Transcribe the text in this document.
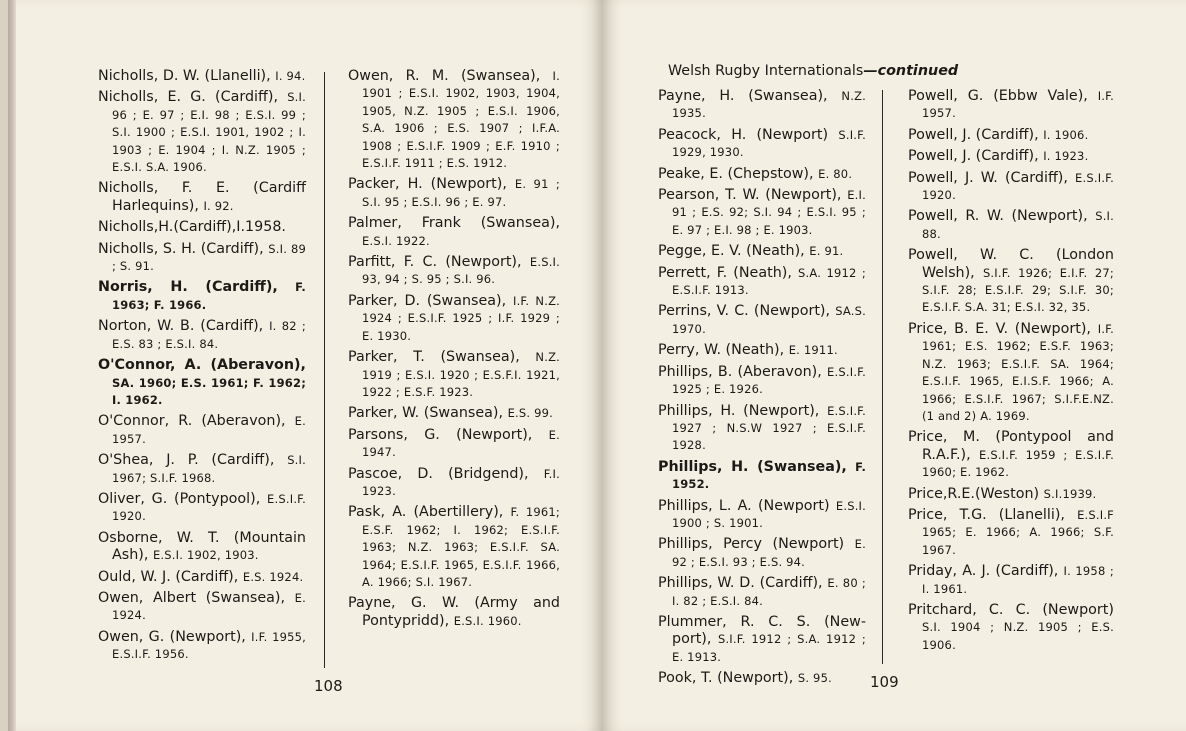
Nicholls, D. W. (Llanelli), I. 94.
Nicholls, E. G. (Cardiff), S.I. 96 ; E. 97 ; E.I. 98 ; E.S.I. 99 ; S.I. 1900 ; E.S.I. 1901, 1902 ; I. 1903 ; E. 1904 ; I. N.Z. 1905 ; E.S.I. S.A. 1906.
Nicholls, F. E. (Cardiff Harlequins), I. 92.
Nicholls,H.(Cardiff),I.1958.
Nicholls, S. H. (Cardiff), S.I. 89 ; S. 91.
Norris, H. (Cardiff), F. 1963; F. 1966.
Norton, W. B. (Cardiff), I. 82 ; E.S. 83 ; E.S.I. 84.
O'Connor, A. (Aberavon), SA. 1960; E.S. 1961; F. 1962; I. 1962.
O'Connor, R. (Aberavon), E. 1957.
O'Shea, J. P. (Cardiff), S.I. 1967; S.I.F. 1968.
Oliver, G. (Pontypool), E.S.I.F. 1920.
Osborne, W. T. (Mountain Ash), E.S.I. 1902, 1903.
Ould, W. J. (Cardiff), E.S. 1924.
Owen, Albert (Swansea), E. 1924.
Owen, G. (Newport), I.F. 1955, E.S.I.F. 1956.
Owen, R. M. (Swansea), I. 1901 ; E.S.I. 1902, 1903, 1904, 1905, N.Z. 1905 ; E.S.I. 1906, S.A. 1906 ; E.S. 1907 ; I.F.A. 1908 ; E.S.I.F. 1909 ; E.F. 1910 ; E.S.I.F. 1911 ; E.S. 1912.
Packer, H. (Newport), E. 91 ; S.I. 95 ; E.S.I. 96 ; E. 97.
Palmer, Frank (Swansea), E.S.I. 1922.
Parfitt, F. C. (Newport), E.S.I. 93, 94 ; S. 95 ; S.I. 96.
Parker, D. (Swansea), I.F. N.Z. 1924 ; E.S.I.F. 1925 ; I.F. 1929 ; E. 1930.
Parker, T. (Swansea), N.Z. 1919 ; E.S.I. 1920 ; E.S.F.I. 1921, 1922 ; E.S.F. 1923.
Parker, W. (Swansea), E.S. 99.
Parsons, G. (Newport), E. 1947.
Pascoe, D. (Bridgend), F.I. 1923.
Pask, A. (Abertillery), F. 1961; E.S.F. 1962; I. 1962; E.S.I.F. 1963; N.Z. 1963; E.S.I.F. SA. 1964; E.S.I.F. 1965, E.S.I.F. 1966, A. 1966; S.I. 1967.
Payne, G. W. (Army and Pontypridd), E.S.I. 1960.
108
Welsh Rugby Internationals—continued
Payne, H. (Swansea), N.Z. 1935.
Peacock, H. (Newport) S.I.F. 1929, 1930.
Peake, E. (Chepstow), E. 80.
Pearson, T. W. (Newport), E.I. 91 ; E.S. 92; S.I. 94 ; E.S.I. 95 ; E. 97 ; E.I. 98 ; E. 1903.
Pegge, E. V. (Neath), E. 91.
Perrett, F. (Neath), S.A. 1912 ; E.S.I.F. 1913.
Perrins, V. C. (Newport), SA.S. 1970.
Perry, W. (Neath), E. 1911.
Phillips, B. (Aberavon), E.S.I.F. 1925 ; E. 1926.
Phillips, H. (Newport), E.S.I.F. 1927 ; N.S.W 1927 ; E.S.I.F. 1928.
Phillips, H. (Swansea), F. 1952.
Phillips, L. A. (Newport) E.S.I. 1900 ; S. 1901.
Phillips, Percy (Newport) E. 92 ; E.S.I. 93 ; E.S. 94.
Phillips, W. D. (Cardiff), E. 80 ; I. 82 ; E.S.I. 84.
Plummer, R. C. S. (New-port), S.I.F. 1912 ; S.A. 1912 ; E. 1913.
Pook, T. (Newport), S. 95.
Powell, G. (Ebbw Vale), I.F. 1957.
Powell, J. (Cardiff), I. 1906.
Powell, J. (Cardiff), I. 1923.
Powell, J. W. (Cardiff), E.S.I.F. 1920.
Powell, R. W. (Newport), S.I. 88.
Powell, W. C. (London Welsh), S.I.F. 1926; E.I.F. 27; S.I.F. 28; E.S.I.F. 29; S.I.F. 30; E.S.I.F. S.A. 31; E.S.I. 32, 35.
Price, B. E. V. (Newport), I.F. 1961; E.S. 1962; E.S.F. 1963; N.Z. 1963; E.S.I.F. SA. 1964; E.S.I.F. 1965, E.I.S.F. 1966; A. 1966; E.S.I.F. 1967; S.I.F.E.NZ. (1 and 2) A. 1969.
Price, M. (Pontypool and R.A.F.), E.S.I.F. 1959 ; E.S.I.F. 1960; E. 1962.
Price,R.E.(Weston) S.I.1939.
Price, T.G. (Llanelli), E.S.I.F 1965; E. 1966; A. 1966; S.F. 1967.
Priday, A. J. (Cardiff), I. 1958 ; I. 1961.
Pritchard, C. C. (Newport) S.I. 1904 ; N.Z. 1905 ; E.S. 1906.
109
